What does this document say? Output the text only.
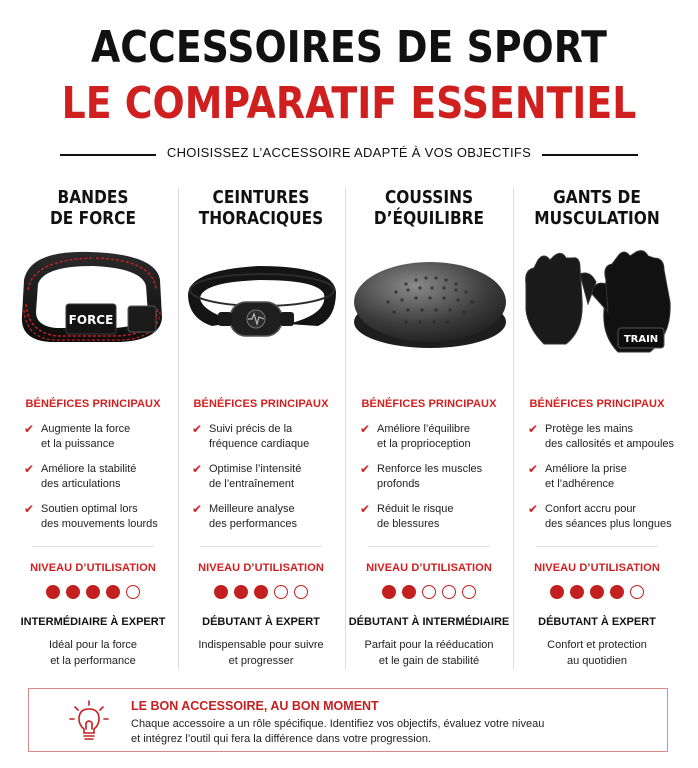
ACCESSOIRES DE SPORT
LE COMPARATIF ESSENTIEL
CHOISISSEZ L’ACCESSOIRE ADAPTÉ À VOS OBJECTIFS
BANDES
DE FORCE
FORCE
BÉNÉFICES PRINCIPAUX
✔ Augmente la force
et la puissance
✔ Améliore la stabilité
des articulations
✔ Soutien optimal lors
des mouvements lourds
NIVEAU D’UTILISATION
INTERMÉDIAIRE À EXPERT
Idéal pour la force
et la performance
CEINTURES
THORACIQUES
BÉNÉFICES PRINCIPAUX
✔ Suivi précis de la
fréquence cardiaque
✔ Optimise l’intensité
de l’entraînement
✔ Meilleure analyse
des performances
NIVEAU D’UTILISATION
DÉBUTANT À EXPERT
Indispensable pour suivre
et progresser
COUSSINS
D’ÉQUILIBRE
BÉNÉFICES PRINCIPAUX
✔ Améliore l’équilibre
et la proprioception
✔ Renforce les muscles
profonds
✔ Réduit le risque
de blessures
NIVEAU D’UTILISATION
DÉBUTANT À INTERMÉDIAIRE
Parfait pour la rééducation
et le gain de stabilité
GANTS DE
MUSCULATION
TRAIN
BÉNÉFICES PRINCIPAUX
✔ Protège les mains
des callosités et ampoules
✔ Améliore la prise
et l’adhérence
✔ Confort accru pour
des séances plus longues
NIVEAU D’UTILISATION
DÉBUTANT À EXPERT
Confort et protection
au quotidien
LE BON ACCESSOIRE, AU BON MOMENT
Chaque accessoire a un rôle spécifique. Identifiez vos objectifs, évaluez votre niveau
et intégrez l’outil qui fera la différence dans votre progression.
